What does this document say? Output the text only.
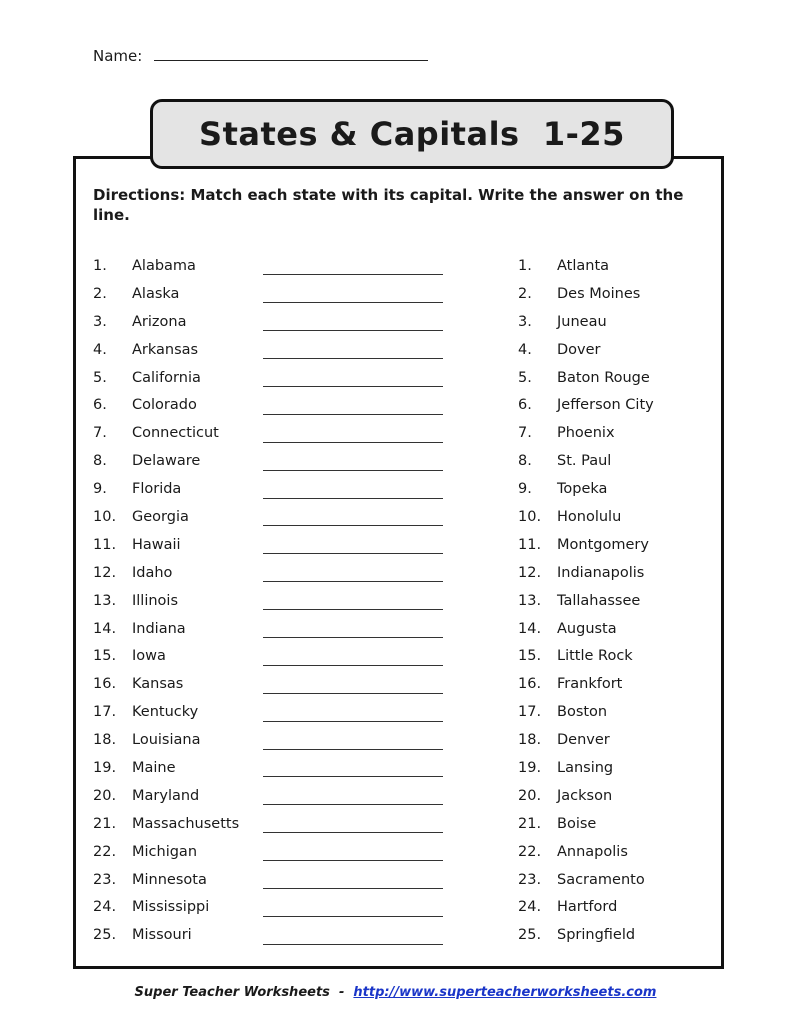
Name:
States & Capitals  1-25
Directions: Match each state with its capital. Write the answer on the line.
1.	Alabama
2.	Alaska
3.	Arizona
4.	Arkansas
5.	California
6.	Colorado
7.	Connecticut
8.	Delaware
9.	Florida
10.	Georgia
11.	Hawaii
12.	Idaho
13.	Illinois
14.	Indiana
15.	Iowa
16.	Kansas
17.	Kentucky
18.	Louisiana
19.	Maine
20.	Maryland
21.	Massachusetts
22.	Michigan
23.	Minnesota
24.	Mississippi
25.	Missouri
1.	Atlanta
2.	Des Moines
3.	Juneau
4.	Dover
5.	Baton Rouge
6.	Jefferson City
7.	Phoenix
8.	St. Paul
9.	Topeka
10.	Honolulu
11.	Montgomery
12.	Indianapolis
13.	Tallahassee
14.	Augusta
15.	Little Rock
16.	Frankfort
17.	Boston
18.	Denver
19.	Lansing
20.	Jackson
21.	Boise
22.	Annapolis
23.	Sacramento
24.	Hartford
25.	Springfield
Super Teacher Worksheets  -  http://www.superteacherworksheets.com
